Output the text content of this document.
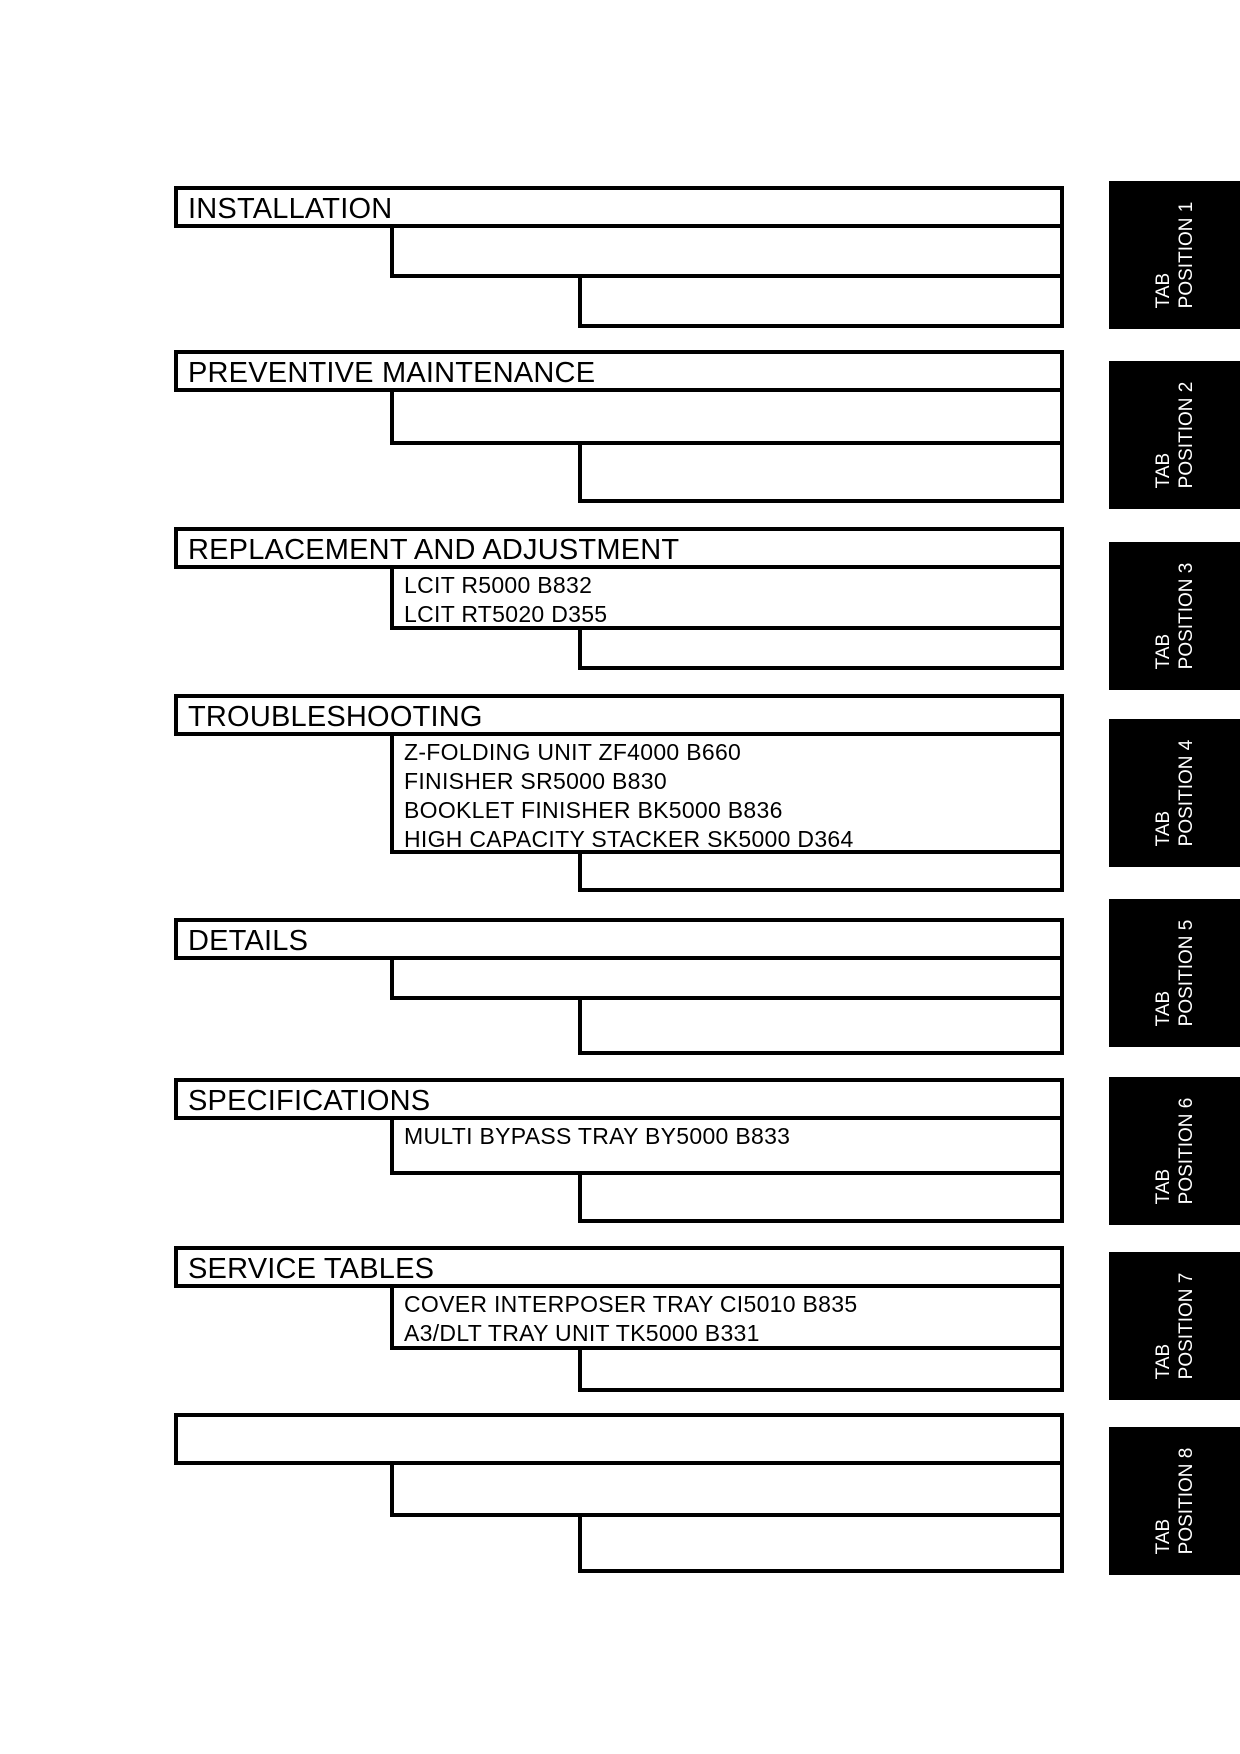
INSTALLATION
PREVENTIVE MAINTENANCE
LCIT R5000 B832
LCIT RT5020 D355
REPLACEMENT AND ADJUSTMENT
Z-FOLDING UNIT ZF4000 B660
FINISHER SR5000 B830
BOOKLET FINISHER BK5000 B836
HIGH CAPACITY STACKER SK5000 D364
TROUBLESHOOTING
DETAILS
MULTI BYPASS TRAY BY5000 B833
SPECIFICATIONS
COVER INTERPOSER TRAY CI5010 B835
A3/DLT TRAY UNIT TK5000 B331
SERVICE TABLES
TAB POSITION 1
TAB POSITION 2
TAB POSITION 3
TAB POSITION 4
TAB POSITION 5
TAB POSITION 6
TAB POSITION 7
TAB POSITION 8
